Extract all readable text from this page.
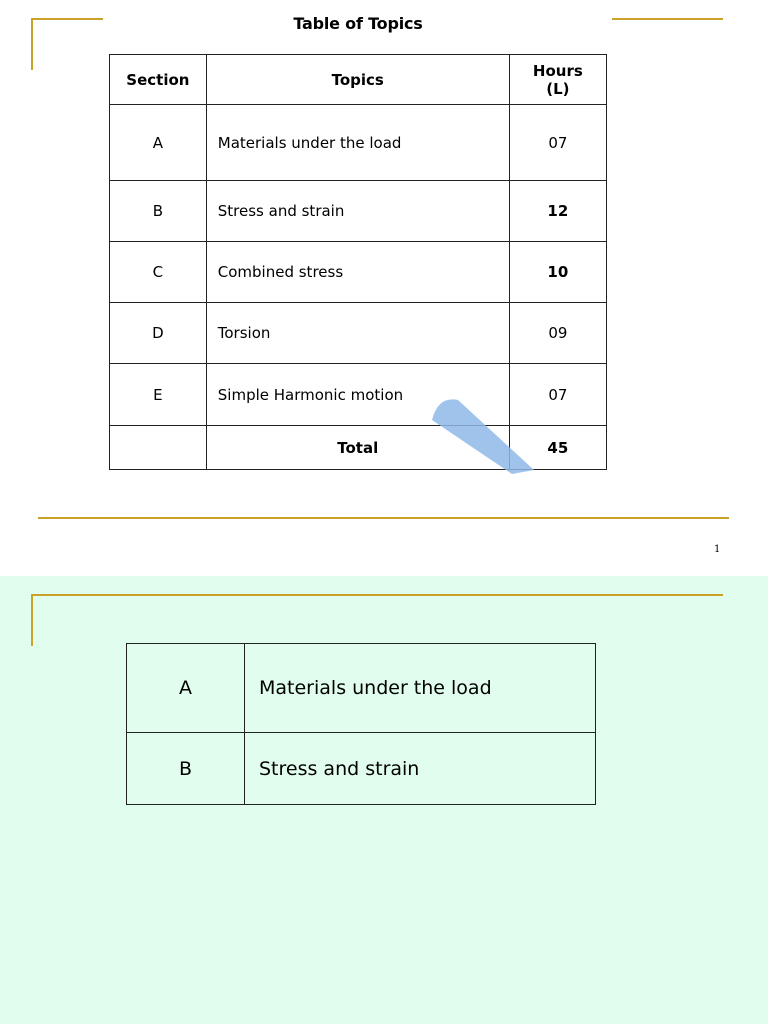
Table of Topics
Section	Topics	Hours
(L)

A	Materials under the load	07
B	Stress and strain	12
C	Combined stress	10
D	Torsion	09
E	Simple Harmonic motion	07
	Total	45
1
A	Materials under the load
B	Stress and strain
